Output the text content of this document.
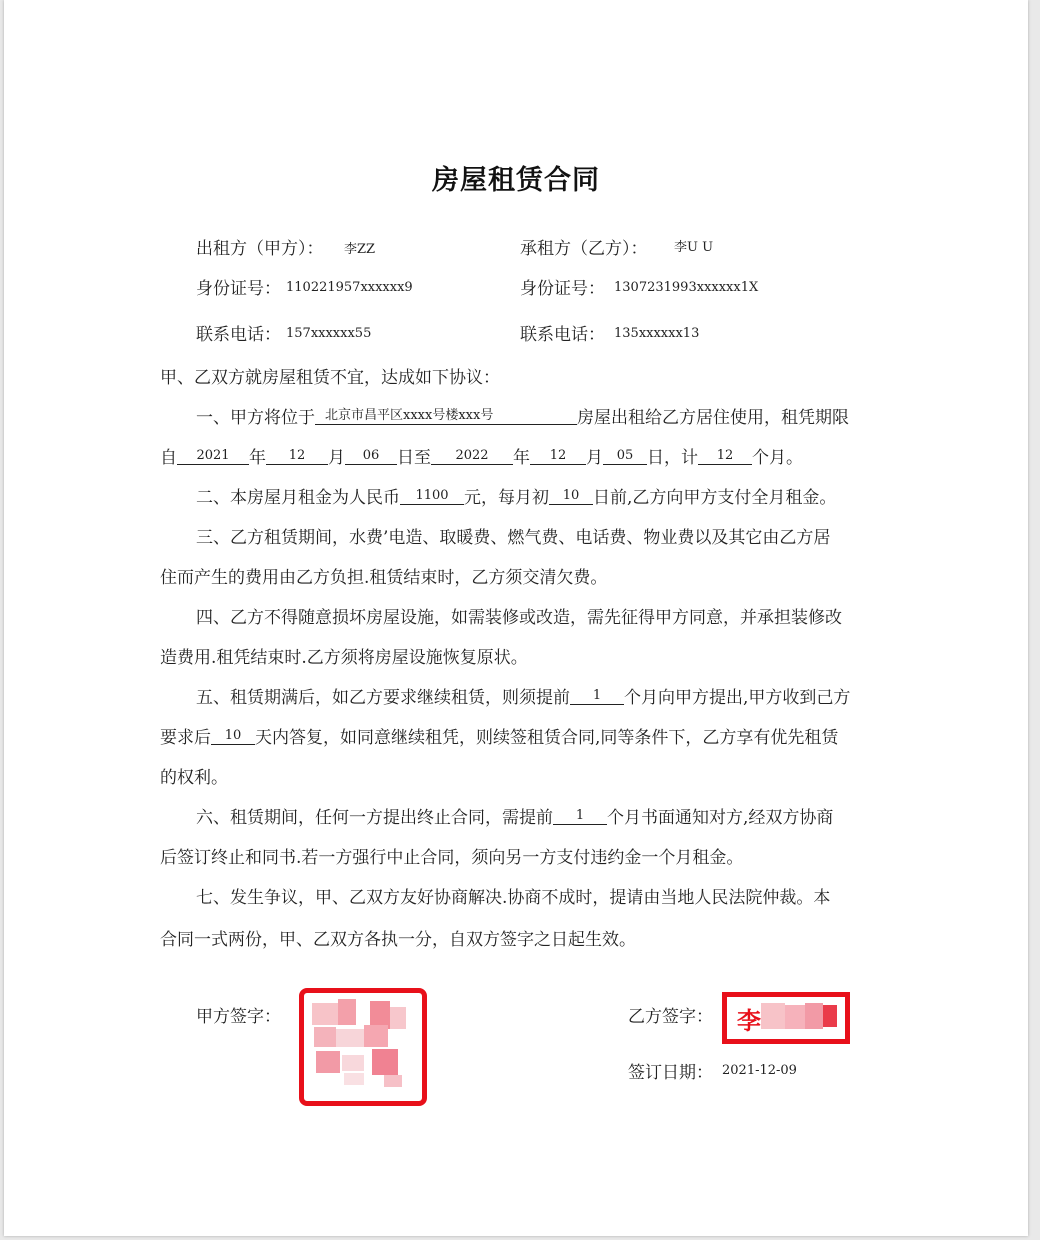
房屋租赁合同
出租方（甲方）： 李ZZ
身份证号： 110221957xxxxxx9
联系电话： 157xxxxxx55
承租方（乙方）： 李U U
身份证号： 1307231993xxxxxx1X
联系电话： 135xxxxxx13
甲、乙双方就房屋租赁不宜，达成如下协议：
一、甲方将位于 北京市昌平区xxxx号楼xxx号	房屋出租给乙方居住使用，租凭期限
自 2021 年 12 月 06 日至 2022 年 12 月 05 日，计 12 个月。
二、本房屋月租金为人民币 1100 元，每月初 10 日前,乙方向甲方支付全月租金。
三、乙方租赁期间，水费’电造、取暖费、燃气费、电话费、物业费以及其它由乙方居
住而产生的费用由乙方负担.租赁结束时，乙方须交清欠费。
四、乙方不得随意损坏房屋设施，如需装修或改造，需先征得甲方同意，并承担装修改
造费用.租凭结束时.乙方须将房屋设施恢复原状。
五、租赁期满后，如乙方要求继续租赁，则须提前 1 个月向甲方提出,甲方收到己方
要求后 10 天内答复，如同意继续租凭，则续签租赁合同,同等条件下，乙方享有优先租赁
的权利。
六、租赁期间，任何一方提出终止合同，需提前 1 个月书面通知对方,经双方协商
后签订终止和同书.若一方强行中止合同，须向另一方支付违约金一个月租金。
七、发生争议，甲、乙双方友好协商解决.协商不成时，提请由当地人民法院仲裁。本
合同一式两份，甲、乙双方各执一分，自双方签字之日起生效。
甲方签字：	乙方签字： 李
签订日期： 2021-12-09
